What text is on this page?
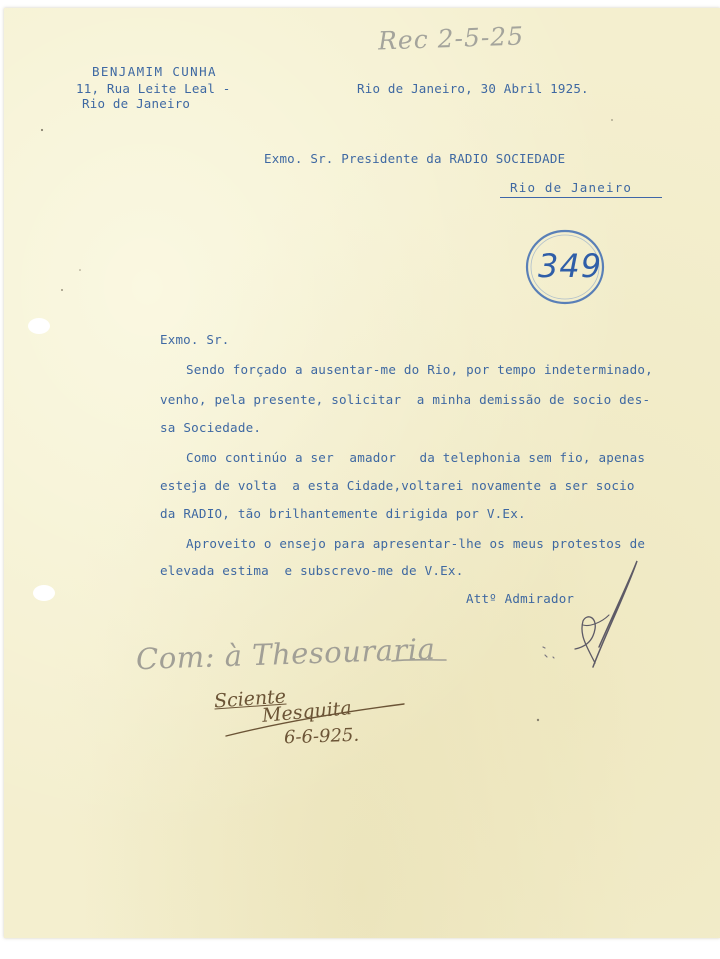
BENJAMIM CUNHA
11, Rua Leite Leal -
Rio de Janeiro
Rec 2-5-25
Rio de Janeiro, 30 Abril 1925.
Exmo. Sr. Presidente da RADIO SOCIEDADE
Rio de Janeiro
349
Exmo. Sr.
Sendo forçado a ausentar-me do Rio, por tempo indeterminado,
venho, pela presente, solicitar  a minha demissão de socio des-
sa Sociedade.
Como continúo a ser  amador   da telephonia sem fio, apenas
esteja de volta  a esta Cidade,voltarei novamente a ser socio
da RADIO, tão brilhantemente dirigida por V.Ex.
Aproveito o ensejo para apresentar-lhe os meus protestos de
elevada estima  e subscrevo-me de V.Ex.
Attº Admirador
Com: à Thesouraria
Sciente
Mesquita
6-6-925.
